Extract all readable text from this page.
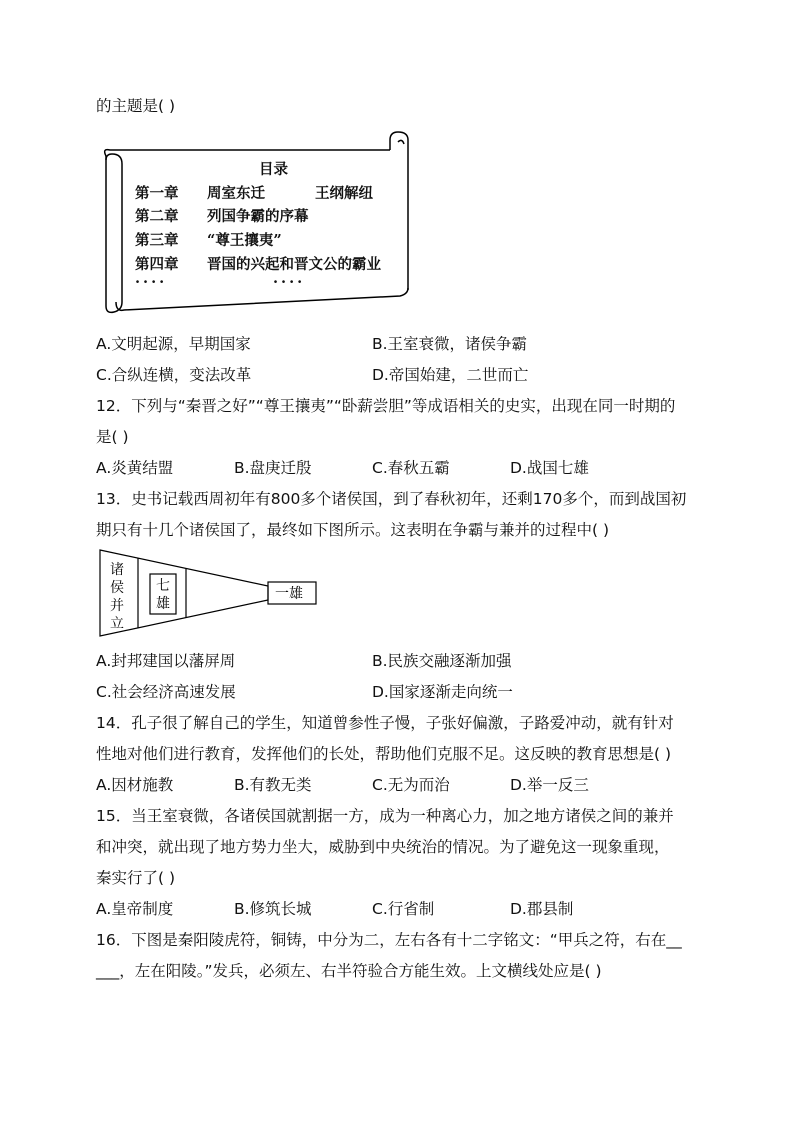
的主题是( )
目录
第一章 周室东迁	王纲解纽
第二章 列国争霸的序幕
第三章 “尊王攘夷”
第四章 晋国的兴起和晋文公的霸业
....	....
A.文明起源，早期国家	B.王室衰微，诸侯争霸
C.合纵连横，变法改革	D.帝国始建，二世而亡
12．下列与“秦晋之好”“尊王攘夷”“卧薪尝胆”等成语相关的史实，出现在同一时期的
是( )
A.炎黄结盟	B.盘庚迁殷	C.春秋五霸	D.战国七雄
13．史书记载西周初年有800多个诸侯国，到了春秋初年，还剩170多个，而到战国初
期只有十几个诸侯国了，最终如下图所示。这表明在争霸与兼并的过程中( )
诸
侯
并
立
七
雄
一雄
A.封邦建国以藩屏周	B.民族交融逐渐加强
C.社会经济高速发展	D.国家逐渐走向统一
14．孔子很了解自己的学生，知道曾参性子慢，子张好偏激，子路爱冲动，就有针对
性地对他们进行教育，发挥他们的长处，帮助他们克服不足。这反映的教育思想是( )
A.因材施教	B.有教无类	C.无为而治	D.举一反三
15．当王室衰微，各诸侯国就割据一方，成为一种离心力，加之地方诸侯之间的兼并
和冲突，就出现了地方势力坐大，威胁到中央统治的情况。为了避免这一现象重现，
秦实行了( )
A.皇帝制度	B.修筑长城	C.行省制	D.郡县制
16．下图是秦阳陵虎符，铜铸，中分为二，左右各有十二字铭文：“甲兵之符，右在__
___，左在阳陵。”发兵，必须左、右半符验合方能生效。上文横线处应是( )
